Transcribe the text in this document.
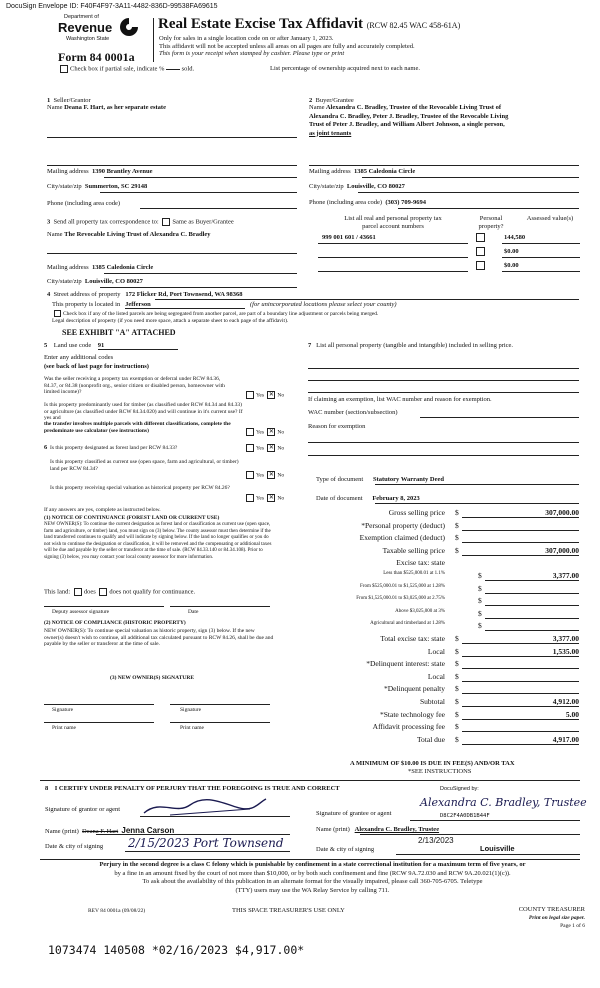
DocuSign Envelope ID: F40F4F97-3A11-4482-836D-99538FA69615
Department of
Revenue
Washington State
Real Estate Excise Tax Affidavit (RCW 82.45 WAC 458-61A)
Only for sales in a single location code on or after January 1, 2023.
This affidavit will not be accepted unless all areas on all pages are fully and accurately completed.
This form is your receipt when stamped by cashier. Please type or print
Form 84 0001a
Check box if partial sale, indicate %	sold.	List percentage of ownership acquired next to each name.
1 Seller/Grantor
Name Deana F. Hart, as her separate estate
Mailing address 1390 Brantley Avenue
City/state/zip Summerton, SC 29148
Phone (including area code)
2 Buyer/Grantee
Name Alexandra C. Bradley, Trustee of the Revocable Living Trust of
Alexandra C. Bradley, Peter J. Bradley, Trustee of the Revocable Living
Trust of Peter J. Bradley, and William Albert Johnson, a single person,
as joint tenants
Mailing address 1385 Caledonia Circle
City/state/zip Louisville, CO 80027
Phone (including area code) (303) 709-9694
3 Send all property tax correspondence to: Same as Buyer/Grantee
Name The Revocable Living Trust of Alexandra C. Bradley
Mailing address 1385 Caledonia Circle
City/state/zip Louisville, CO 80027
List all real and personal property tax
parcel account numbers
Personal property?
Assessed value(s)
999 001 601 / 43661	144,580
$0.00
$0.00
4 Street address of property 172 Flicker Rd, Port Townsend, WA 98368
This property is located in Jefferson	(for unincorporated locations please select your county)
Check box if any of the listed parcels are being segregated from another parcel, are part of a boundary line adjustment or parcels being merged.
Legal description of property (if you need more space, attach a separate sheet to each page of the affidavit).
SEE EXHIBIT "A" ATTACHED
5 Land use code 91
Enter any additional codes
(see back of last page for instructions)
Was the seller receiving a property tax exemption or deferral under RCW 84.36, 84.37, or 84.38 (nonprofit org., senior citizen or disabled person, homeowner with limited income)?
Yes ✕ No
Is this property predominantly used for timber (as classified under RCW 84.34 and 84.33) or agriculture (as classified under RCW 84.34.020) and will continue in it's current use? If yes and
the transfer involves multiple parcels with different classifications, complete the predominate use calculator (see instructions)	Yes ✕ No
6 Is this property designated as forest land per RCW 84.33?	Yes ✕ No
Is this property classified as current use (open space, farm and agricultural, or timber) land per RCW 84.34?
Yes ✕ No
Is this property receiving special valuation as historical property per RCW 84.26?
Yes ✕ No
If any answers are yes, complete as instructed below.
(1) NOTICE OF CONTINUANCE (FOREST LAND OR CURRENT USE)
NEW OWNER(S): To continue the current designation as forest land or classification as current use (open space, farm and agriculture, or timber) land, you must sign on (3) below. The county assessor must then determine if the land transferred continues to qualify and will indicate by signing below. If the land no longer qualifies or you do not wish to continue the designation or classification, it will be removed and the compensating or additional taxes will be due and payable by the seller or transferor at the time of sale. (RCW 84.33.140 or 84.34.108). Prior to signing (3) below, you may contact your local county assessor for more information.
This land: does does not qualify for continuance.
Deputy assessor signature	Date
(2) NOTICE OF COMPLIANCE (HISTORIC PROPERTY)
NEW OWNER(S): To continue special valuation as historic property, sign (3) below. If the new owner(s) doesn't wish to continue, all additional tax calculated pursuant to RCW 84.26, shall be due and payable by the seller or transferor at the time of sale.
(3) NEW OWNER(S) SIGNATURE
Signature	Signature
Print name	Print name
7 List all personal property (tangible and intangible) included in selling price.
If claiming an exemption, list WAC number and reason for exemption.
WAC number (section/subsection)
Reason for exemption
Type of document Statutory Warranty Deed
Date of document February 8, 2023
Gross selling price $	307,000.00
*Personal property (deduct) $
Exemption claimed (deduct) $
Taxable selling price $	307,000.00
Excise tax: state
Less than $525,000.01 at 1.1%	$	3,377.00
From $525,000.01 to $1,525,000 at 1.28%	$
From $1,525,000.01 to $3,025,000 at 2.75%	$
Above $3,025,000 at 3%	$
Agricultural and timberland at 1.28%	$
Total excise tax: state $	3,377.00
Local $	1,535.00
*Delinquent interest: state $
Local $
*Delinquent penalty $
Subtotal $	4,912.00
*State technology fee $	5.00
Affidavit processing fee $
Total due $	4,917.00
A MINIMUM OF $10.00 IS DUE IN FEE(S) AND/OR TAX
*SEE INSTRUCTIONS
8 I CERTIFY UNDER PENALTY OF PERJURY THAT THE FOREGOING IS TRUE AND CORRECT
Signature of grantor or agent
Name (print) Deana F. Hart Jenna Carson
Date & city of signing 2/15/2023 Port Townsend
DocuSigned by:
Signature of grantee or agent
Alexandra C. Bradley, Trustee
D8C2F4A0DB1B44F
Name (print) Alexandra C. Bradley, Trustee
2/13/2023
Date & city of signing	Louisville
Perjury in the second degree is a class C felony which is punishable by confinement in a state correctional institution for a maximum term of five years, or
by a fine in an amount fixed by the court of not more than $10,000, or by both such confinement and fine (RCW 9A.72.030 and RCW 9A.20.021(1)(c)).
To ask about the availability of this publication in an alternate format for the visually impaired, please call 360-705-6705. Teletype
(TTY) users may use the WA Relay Service by calling 711.
REV 84 0001a (09/08/22)	THIS SPACE TREASURER'S USE ONLY	COUNTY TREASURER
Print on legal size paper.
Page 1 of 6
1073474 140508 *02/16/2023 $4,917.00*
